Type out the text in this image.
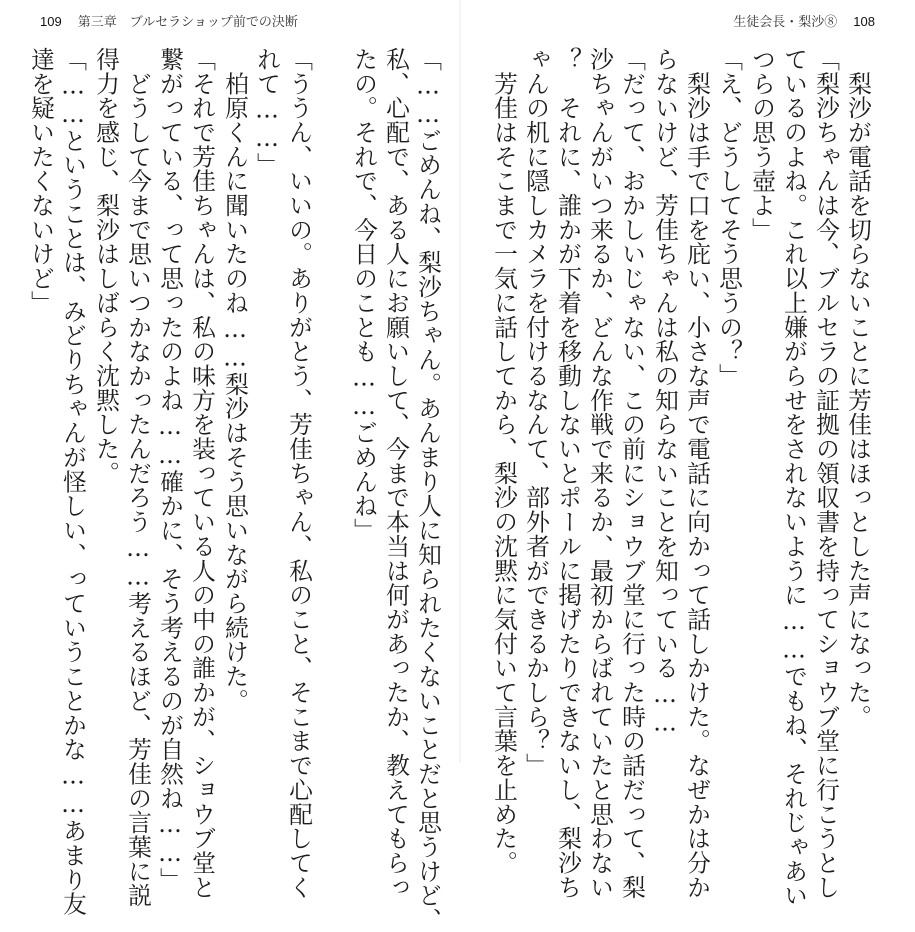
109 第三章　ブルセラショップ前での決断
「……ごめんね、梨沙ちゃん。あんまり人に知られたくないことだと思うけど、
私、心配で、ある人にお願いして、今まで本当は何があったか、教えてもらっ
たの。それで、今日のことも……ごめんね」
「ううん、いいの。ありがとう、芳佳ちゃん、私のこと、そこまで心配してく
れて……」
　柏原くんに聞いたのね……梨沙はそう思いながら続けた。
「それで芳佳ちゃんは、私の味方を装っている人の中の誰かが、ショウブ堂と
繋がっている、って思ったのよね……確かに、そう考えるのが自然ね……」
　どうして今まで思いつかなかったんだろう……考えるほど、芳佳の言葉に説
得力を感じ、梨沙はしばらく沈黙した。
「……ということは、みどりちゃんが怪しい、っていうことかな……あまり友
達を疑いたくないけど」
生徒会長・梨沙⑧ 108
　梨沙が電話を切らないことに芳佳はほっとした声になった。
「梨沙ちゃんは今、ブルセラの証拠の領収書を持ってショウブ堂に行こうとし
ているのよね。これ以上嫌がらせをされないように……でもね、それじゃあい
つらの思う壺よ」
「え、どうしてそう思うの？」
　梨沙は手で口を庇い、小さな声で電話に向かって話しかけた。なぜかは分か
らないけど、芳佳ちゃんは私の知らないことを知っている……
「だって、おかしいじゃない、この前にショウブ堂に行った時の話だって、梨
沙ちゃんがいつ来るか、どんな作戦で来るか、最初からばれていたと思わない
？　それに、誰かが下着を移動しないとポールに掲げたりできないし、梨沙ち
ゃんの机に隠しカメラを付けるなんて、部外者ができるかしら？」
　芳佳はそこまで一気に話してから、梨沙の沈黙に気付いて言葉を止めた。
